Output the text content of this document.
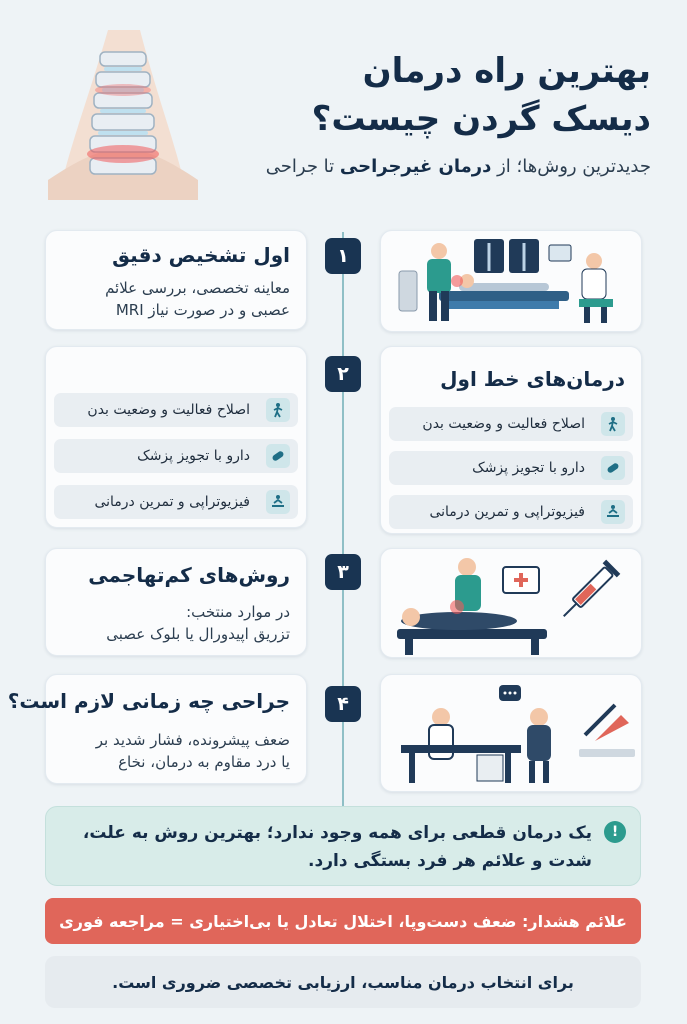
بهترین راه درمان
دیسک گردن چیست؟
جدیدترین روش‌ها؛ از درمان غیرجراحی تا جراحی
اول تشخیص دقیق
معاینه تخصصی، بررسی علائم
عصبی و در صورت نیاز MRI
۱
درمان‌های خط اول
اصلاح فعالیت و وضعیت بدن
دارو با تجویز پزشک
فیزیوتراپی و تمرین درمانی
۲
اصلاح فعالیت و وضعیت بدن
دارو با تجویز پزشک
فیزیوتراپی و تمرین درمانی
روش‌های کم‌تهاجمی
در موارد منتخب:
تزریق اپیدورال یا بلوک عصبی
۳
جراحی چه زمانی لازم است؟
ضعف پیشرونده، فشار شدید بر
یا درد مقاوم به درمان، نخاع
۴
!
یک درمان قطعی برای همه وجود ندارد؛ بهترین روش به علت،
شدت و علائم هر فرد بستگی دارد.
علائم هشدار: ضعف دست‌وپا، اختلال تعادل یا بی‌اختیاری = مراجعه فوری
برای انتخاب درمان مناسب، ارزیابی تخصصی ضروری است.
